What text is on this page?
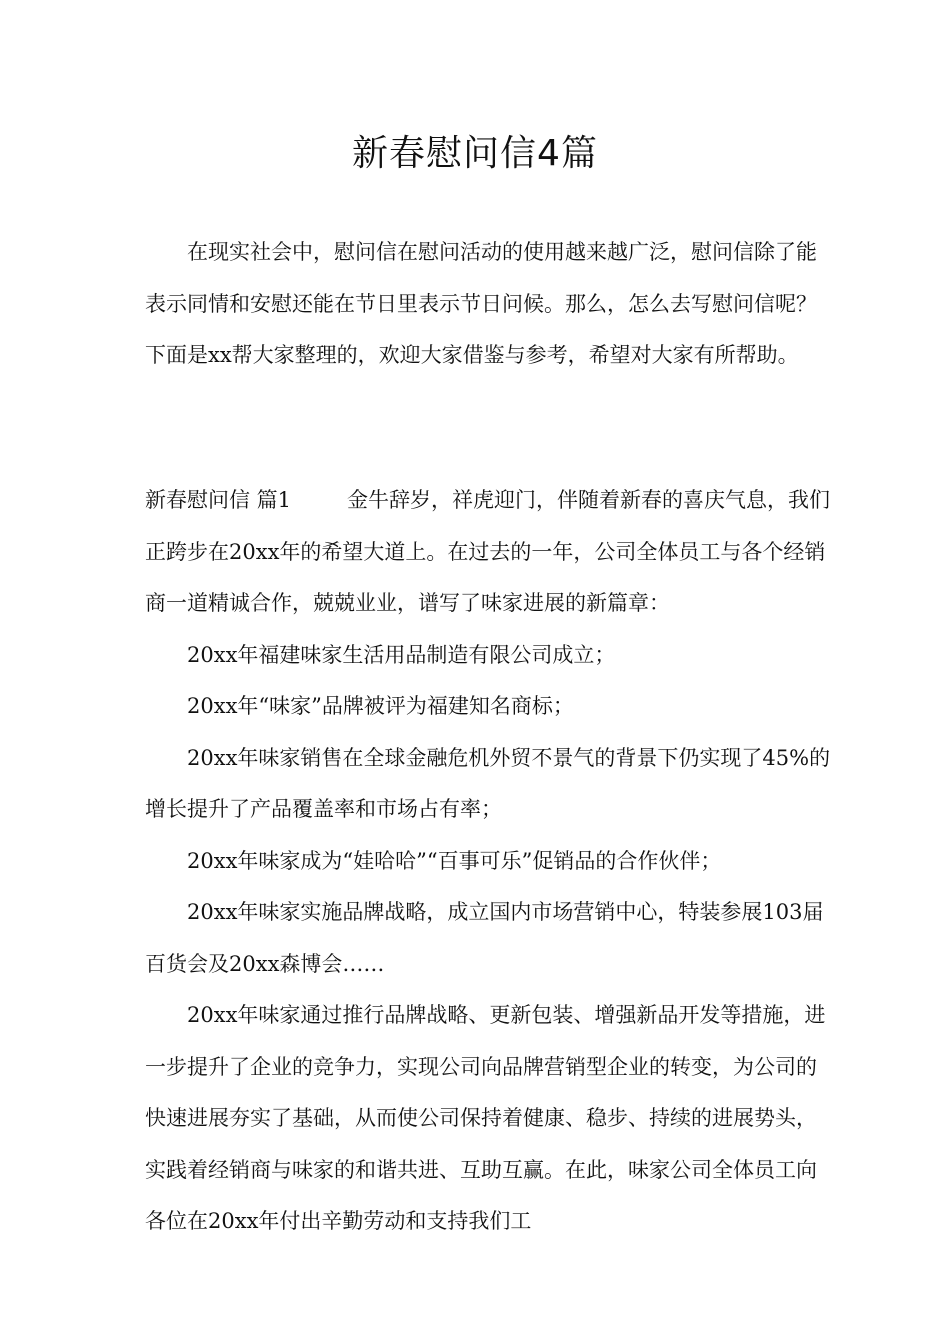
新春慰问信4篇

在现实社会中，慰问信在慰问活动的使用越来越广泛，慰问信除了能表示同情和安慰还能在节日里表示节日问候。那么，怎么去写慰问信呢？下面是xx帮大家整理的，欢迎大家借鉴与参考，希望对大家有所帮助。

新春慰问信 篇1	金牛辞岁，祥虎迎门，伴随着新春的喜庆气息，我们正跨步在20xx年的希望大道上。在过去的一年，公司全体员工与各个经销商一道精诚合作，兢兢业业，谱写了味家进展的新篇章：

20xx年福建味家生活用品制造有限公司成立；

20xx年“味家”品牌被评为福建知名商标；

20xx年味家销售在全球金融危机外贸不景气的背景下仍实现了45%的增长提升了产品覆盖率和市场占有率；

20xx年味家成为“娃哈哈”“百事可乐”促销品的合作伙伴；

20xx年味家实施品牌战略，成立国内市场营销中心，特装参展103届百货会及20xx森博会……

20xx年味家通过推行品牌战略、更新包装、增强新品开发等措施，进一步提升了企业的竞争力，实现公司向品牌营销型企业的转变，为公司的快速进展夯实了基础，从而使公司保持着健康、稳步、持续的进展势头，实践着经销商与味家的和谐共进、互助互赢。在此，味家公司全体员工向各位在20xx年付出辛勤劳动和支持我们工
